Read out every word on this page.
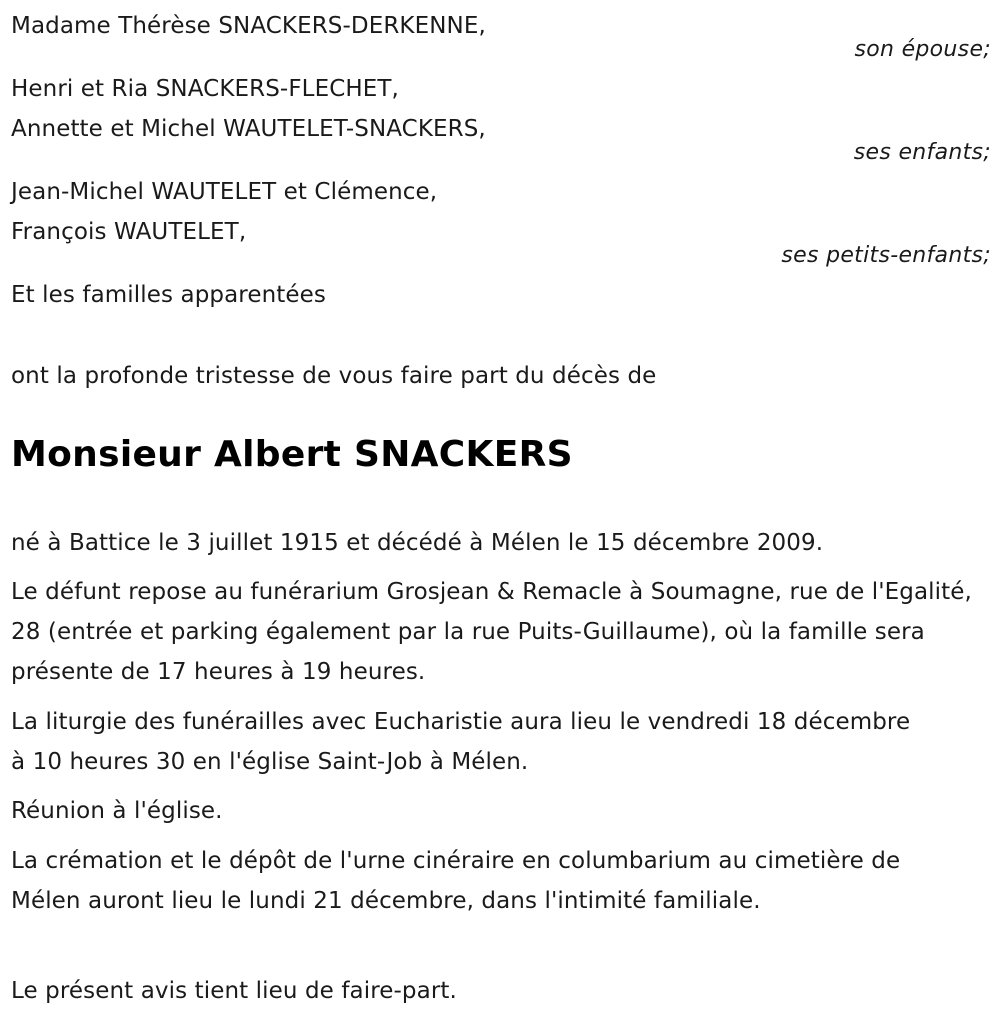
Madame Thérèse SNACKERS-DERKENNE,
son épouse;
Henri et Ria SNACKERS-FLECHET,
Annette et Michel WAUTELET-SNACKERS,
ses enfants;
Jean-Michel WAUTELET et Clémence,
François WAUTELET,
ses petits-enfants;
Et les familles apparentées
ont la profonde tristesse de vous faire part du décès de
Monsieur Albert SNACKERS
né à Battice le 3 juillet 1915 et décédé à Mélen le 15 décembre 2009.
Le défunt repose au funérarium Grosjean & Remacle à Soumagne, rue de l'Egalité, 28 (entrée et parking également par la rue Puits-Guillaume), où la famille sera présente de 17 heures à 19 heures.
La liturgie des funérailles avec Eucharistie aura lieu le vendredi 18 décembre à 10 heures 30 en l'église Saint-Job à Mélen.
Réunion à l'église.
La crémation et le dépôt de l'urne cinéraire en columbarium au cimetière de Mélen auront lieu le lundi 21 décembre, dans l'intimité familiale.
Le présent avis tient lieu de faire-part.
